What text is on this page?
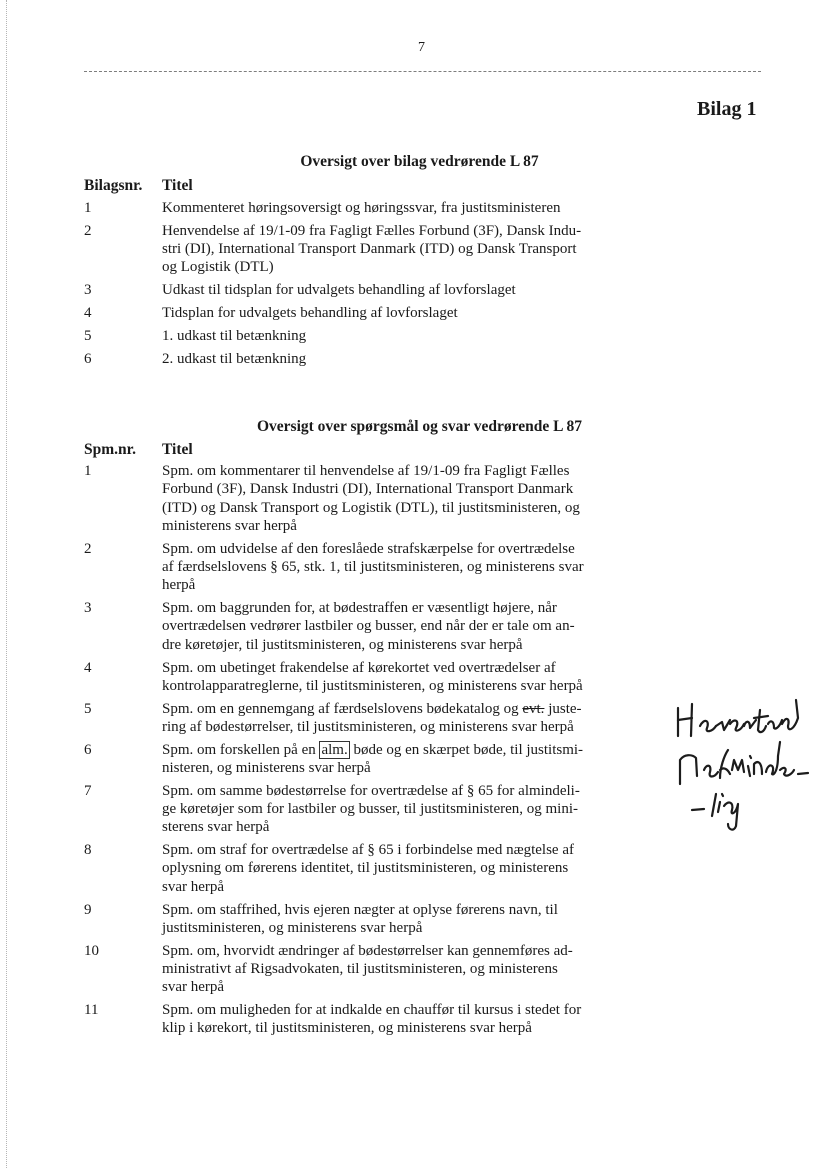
7
Bilag 1
Oversigt over bilag vedrørende L 87
Bilagsnr. Titel
1	Kommenteret høringsoversigt og høringssvar, fra justitsministeren
2	Henvendelse af 19/1-09 fra Fagligt Fælles Forbund (3F), Dansk Indu-
stri (DI), International Transport Danmark (ITD) og Dansk Transport
og Logistik (DTL)
3	Udkast til tidsplan for udvalgets behandling af lovforslaget
4	Tidsplan for udvalgets behandling af lovforslaget
5	1. udkast til betænkning
6	2. udkast til betænkning
Oversigt over spørgsmål og svar vedrørende L 87
Spm.nr. Titel
1	Spm. om kommentarer til henvendelse af 19/1-09 fra Fagligt Fælles
Forbund (3F), Dansk Industri (DI), International Transport Danmark
(ITD) og Dansk Transport og Logistik (DTL), til justitsministeren, og
ministerens svar herpå
2	Spm. om udvidelse af den foreslåede strafskærpelse for overtrædelse
af færdselslovens § 65, stk. 1, til justitsministeren, og ministerens svar
herpå
3	Spm. om baggrunden for, at bødestraffen er væsentligt højere, når
overtrædelsen vedrører lastbiler og busser, end når der er tale om an-
dre køretøjer, til justitsministeren, og ministerens svar herpå
4	Spm. om ubetinget frakendelse af kørekortet ved overtrædelser af
kontrolapparatreglerne, til justitsministeren, og ministerens svar herpå
5	Spm. om en gennemgang af færdselslovens bødekatalog og evt. juste-
ring af bødestørrelser, til justitsministeren, og ministerens svar herpå
6	Spm. om forskellen på en alm. bøde og en skærpet bøde, til justitsmi-
nisteren, og ministerens svar herpå
7	Spm. om samme bødestørrelse for overtrædelse af § 65 for almindeli-
ge køretøjer som for lastbiler og busser, til justitsministeren, og mini-
sterens svar herpå
8	Spm. om straf for overtrædelse af § 65 i forbindelse med nægtelse af
oplysning om førerens identitet, til justitsministeren, og ministerens
svar herpå
9	Spm. om staffrihed, hvis ejeren nægter at oplyse førerens navn, til
justitsministeren, og ministerens svar herpå
10	Spm. om, hvorvidt ændringer af bødestørrelser kan gennemføres ad-
ministrativt af Rigsadvokaten, til justitsministeren, og ministerens
svar herpå
11	Spm. om muligheden for at indkalde en chauffør til kursus i stedet for
klip i kørekort, til justitsministeren, og ministerens svar herpå
